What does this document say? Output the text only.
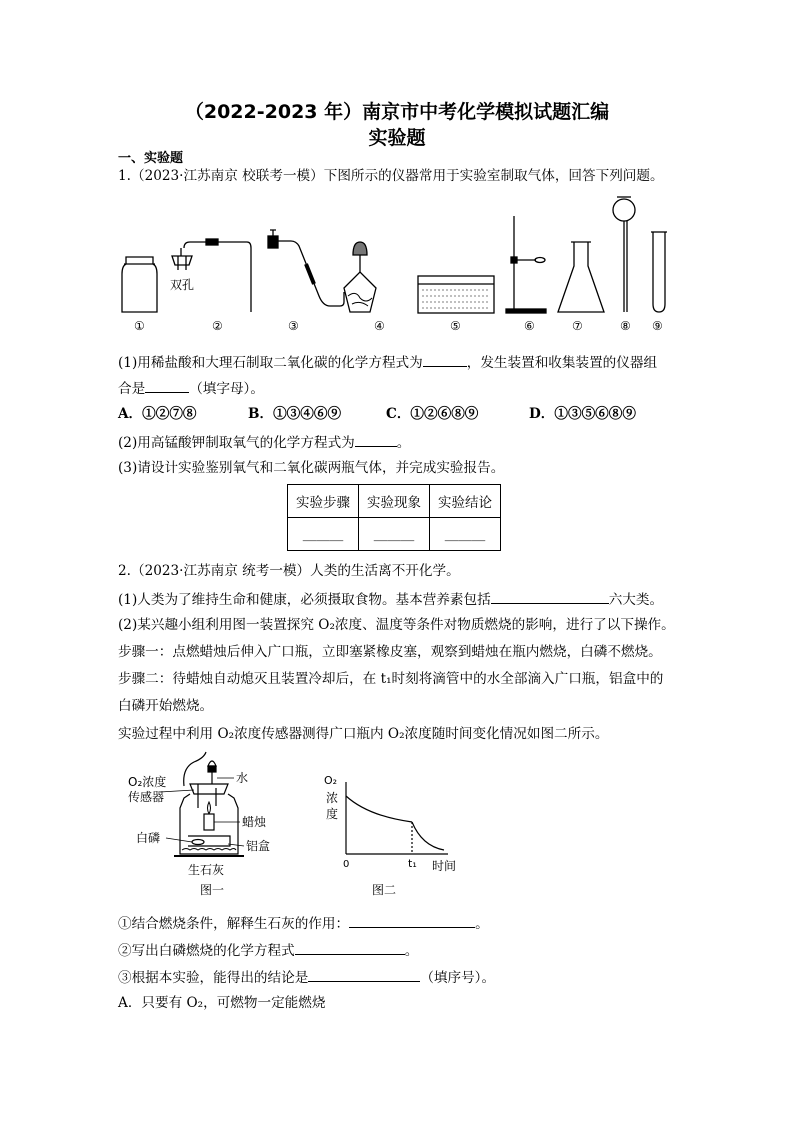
（2022-2023 年）南京市中考化学模拟试题汇编
实验题
一、实验题
1.（2023·江苏南京 校联考一模）下图所示的仪器常用于实验室制取气体，回答下列问题。
双孔
①	②	③	④	⑤	⑥	⑦	⑧ ⑨
(1)用稀盐酸和大理石制取二氧化碳的化学方程式为	，发生装置和收集装置的仪器组
合是	（填字母）。
A．①②⑦⑧	B．①③④⑥⑨	C．①②⑥⑧⑨	D．①③⑤⑥⑧⑨
(2)用高锰酸钾制取氧气的化学方程式为	。
(3)请设计实验鉴别氧气和二氧化碳两瓶气体，并完成实验报告。
实验步骤	实验现象	实验结论
______	______	______
2.（2023·江苏南京 统考一模）人类的生活离不开化学。
(1)人类为了维持生命和健康，必须摄取食物。基本营养素包括	六大类。
(2)某兴趣小组利用图一装置探究 O₂浓度、温度等条件对物质燃烧的影响，进行了以下操作。
步骤一：点燃蜡烛后伸入广口瓶，立即塞紧橡皮塞，观察到蜡烛在瓶内燃烧，白磷不燃烧。
步骤二：待蜡烛自动熄灭且装置冷却后，在 t₁时刻将滴管中的水全部滴入广口瓶，铝盒中的
白磷开始燃烧。
实验过程中利用 O₂浓度传感器测得广口瓶内 O₂浓度随时间变化情况如图二所示。
O₂浓度
传感器
水
蜡烛
白磷
铝盒
生石灰
图一
O₂
浓
度
0	t₁ 时间
图二
①结合燃烧条件，解释生石灰的作用：	。
②写出白磷燃烧的化学方程式	。
③根据本实验，能得出的结论是	（填序号）。
A．只要有 O₂，可燃物一定能燃烧
